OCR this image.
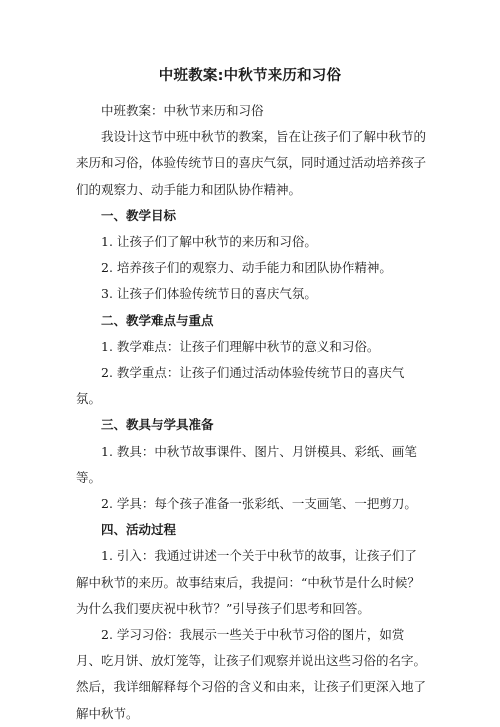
中班教案:中秋节来历和习俗

中班教案：中秋节来历和习俗

我设计这节中班中秋节的教案，旨在让孩子们了解中秋节的来历和习俗，体验传统节日的喜庆气氛，同时通过活动培养孩子们的观察力、动手能力和团队协作精神。

一、教学目标

1. 让孩子们了解中秋节的来历和习俗。

2. 培养孩子们的观察力、动手能力和团队协作精神。

3. 让孩子们体验传统节日的喜庆气氛。

二、教学难点与重点

1. 教学难点：让孩子们理解中秋节的意义和习俗。

2. 教学重点：让孩子们通过活动体验传统节日的喜庆气氛。

三、教具与学具准备

1. 教具：中秋节故事课件、图片、月饼模具、彩纸、画笔等。

2. 学具：每个孩子准备一张彩纸、一支画笔、一把剪刀。

四、活动过程

1. 引入：我通过讲述一个关于中秋节的故事，让孩子们了解中秋节的来历。故事结束后，我提问：“中秋节是什么时候？为什么我们要庆祝中秋节？”引导孩子们思考和回答。

2. 学习习俗：我展示一些关于中秋节习俗的图片，如赏月、吃月饼、放灯笼等，让孩子们观察并说出这些习俗的名字。然后，我详细解释每个习俗的含义和由来，让孩子们更深入地了解中秋节。
